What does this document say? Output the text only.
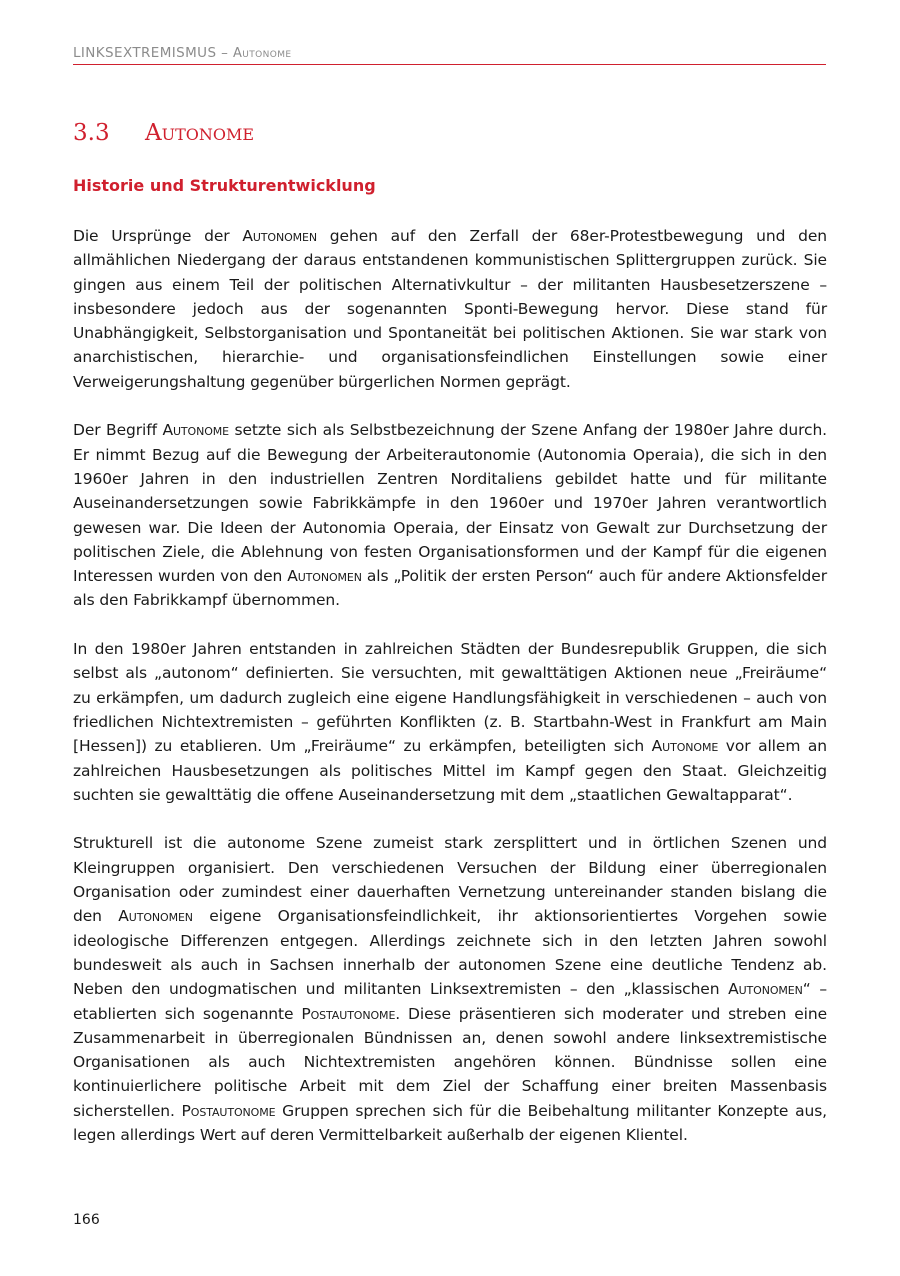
LINKSEXTREMISMUS – Autonome
3.3 Autonome
Historie und Strukturentwicklung

Die Ursprünge der Autonomen gehen auf den Zerfall der 68er-Protestbewegung und den allmählichen Niedergang der daraus entstandenen kommunistischen Splittergruppen zurück. Sie gingen aus einem Teil der politischen Alternativkultur – der militanten Hausbesetzerszene – insbesondere jedoch aus der sogenannten Sponti-Bewegung hervor. Diese stand für Unabhängigkeit, Selbstorganisation und Spontaneität bei politischen Aktionen. Sie war stark von anarchistischen, hierarchie- und organisationsfeindlichen Einstellungen sowie einer Verweigerungshaltung gegenüber bürgerlichen Normen geprägt.

Der Begriff Autonome setzte sich als Selbstbezeichnung der Szene Anfang der 1980er Jahre durch. Er nimmt Bezug auf die Bewegung der Arbeiterautonomie (Autonomia Operaia), die sich in den 1960er Jahren in den industriellen Zentren Norditaliens gebildet hatte und für militante Auseinandersetzungen sowie Fabrikkämpfe in den 1960er und 1970er Jahren verantwortlich gewesen war. Die Ideen der Autonomia Operaia, der Einsatz von Gewalt zur Durchsetzung der politischen Ziele, die Ablehnung von festen Organisationsformen und der Kampf für die eigenen Interessen wurden von den Autonomen als „Politik der ersten Person“ auch für andere Aktionsfelder als den Fabrikkampf übernommen.

In den 1980er Jahren entstanden in zahlreichen Städten der Bundesrepublik Gruppen, die sich selbst als „autonom“ definierten. Sie versuchten, mit gewalttätigen Aktionen neue „Freiräume“ zu erkämpfen, um dadurch zugleich eine eigene Handlungsfähigkeit in verschiedenen – auch von friedlichen Nichtextremisten – geführten Konflikten (z. B. Startbahn-West in Frankfurt am Main [Hessen]) zu etablieren. Um „Freiräume“ zu erkämpfen, beteiligten sich Autonome vor allem an zahlreichen Hausbesetzungen als politisches Mittel im Kampf gegen den Staat. Gleichzeitig suchten sie gewalttätig die offene Auseinandersetzung mit dem „staatlichen Gewaltapparat“.

Strukturell ist die autonome Szene zumeist stark zersplittert und in örtlichen Szenen und Kleingruppen organisiert. Den verschiedenen Versuchen der Bildung einer überregionalen Organisation oder zumindest einer dauerhaften Vernetzung untereinander standen bislang die den Autonomen eigene Organisationsfeindlichkeit, ihr aktionsorientiertes Vorgehen sowie ideologische Differenzen entgegen. Allerdings zeichnete sich in den letzten Jahren sowohl bundesweit als auch in Sachsen innerhalb der autonomen Szene eine deutliche Tendenz ab. Neben den undogmatischen und militanten Linksextremisten – den „klassischen Autonomen“ – etablierten sich sogenannte Postautonome. Diese präsentieren sich moderater und streben eine Zusammenarbeit in überregionalen Bündnissen an, denen sowohl andere linksextremistische Organisationen als auch Nichtextremisten angehören können. Bündnisse sollen eine kontinuierlichere politische Arbeit mit dem Ziel der Schaffung einer breiten Massenbasis sicherstellen. Postautonome Gruppen sprechen sich für die Beibehaltung militanter Konzepte aus, legen allerdings Wert auf deren Vermittelbarkeit außerhalb der eigenen Klientel.

166
